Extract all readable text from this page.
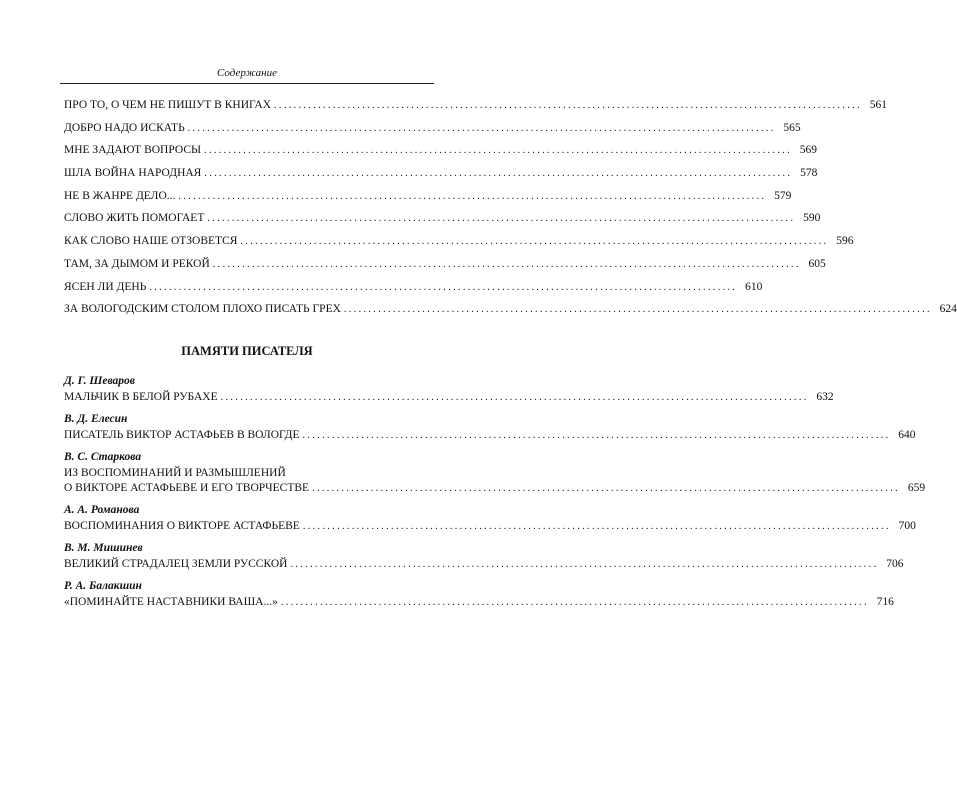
Содержание
ПРО ТО, О ЧЕМ НЕ ПИШУТ В КНИГАХ ........................................................................................................................ 561
ДОБРО НАДО ИСКАТЬ ........................................................................................................................ 565
МНЕ ЗАДАЮТ ВОПРОСЫ ........................................................................................................................ 569
ШЛА ВОЙНА НАРОДНАЯ ........................................................................................................................ 578
НЕ В ЖАНРЕ ДЕЛО... ........................................................................................................................ 579
СЛОВО ЖИТЬ ПОМОГАЕТ ........................................................................................................................ 590
КАК СЛОВО НАШЕ ОТЗОВЕТСЯ ........................................................................................................................ 596
ТАМ, ЗА ДЫМОМ И РЕКОЙ ........................................................................................................................ 605
ЯСЕН ЛИ ДЕНЬ ........................................................................................................................ 610
ЗА ВОЛОГОДСКИМ СТОЛОМ ПЛОХО ПИСАТЬ ГРЕХ ........................................................................................................................ 624
ПАМЯТИ ПИСАТЕЛЯ
Д. Г. Шеваров
МАЛЬЧИК В БЕЛОЙ РУБАХЕ ........................................................................................................................ 632
В. Д. Елесин
ПИСАТЕЛЬ ВИКТОР АСТАФЬЕВ В ВОЛОГДЕ ........................................................................................................................ 640
В. С. Старкова
ИЗ ВОСПОМИНАНИЙ И РАЗМЫШЛЕНИЙ
О ВИКТОРЕ АСТАФЬЕВЕ И ЕГО ТВОРЧЕСТВЕ ........................................................................................................................ 659
А. А. Романова
ВОСПОМИНАНИЯ О ВИКТОРЕ АСТАФЬЕВЕ ........................................................................................................................ 700
В. М. Мишинев
ВЕЛИКИЙ СТРАДАЛЕЦ ЗЕМЛИ РУССКОЙ ........................................................................................................................ 706
Р. А. Балакшин
«ПОМИНАЙТЕ НАСТАВНИКИ ВАША...» ........................................................................................................................ 716
